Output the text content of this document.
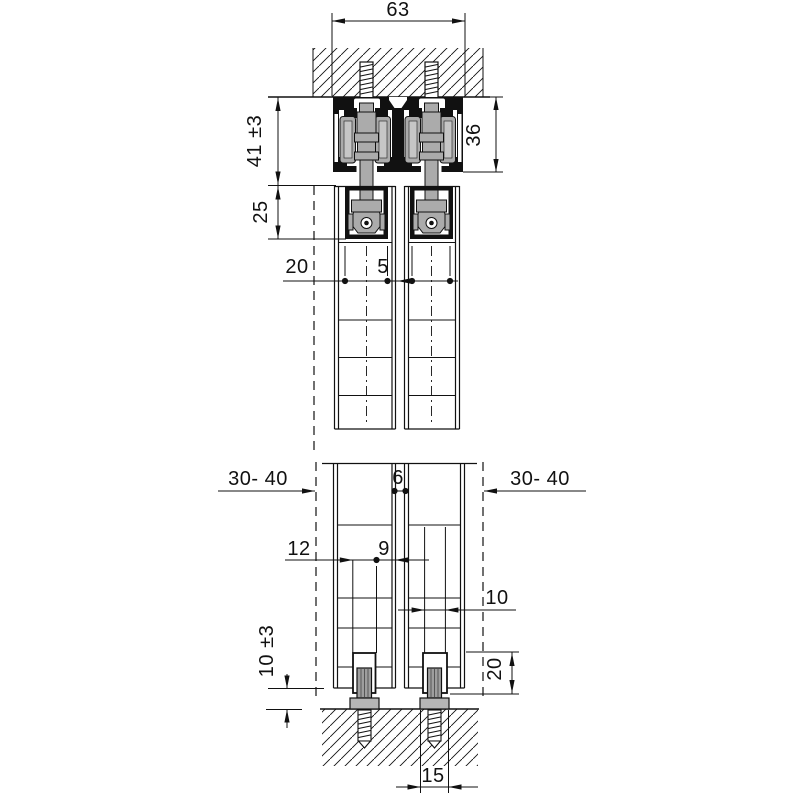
63
36
41 ±3
25
20	5
30- 40	30- 40
6
12	9
10
20
10 ±3
15
